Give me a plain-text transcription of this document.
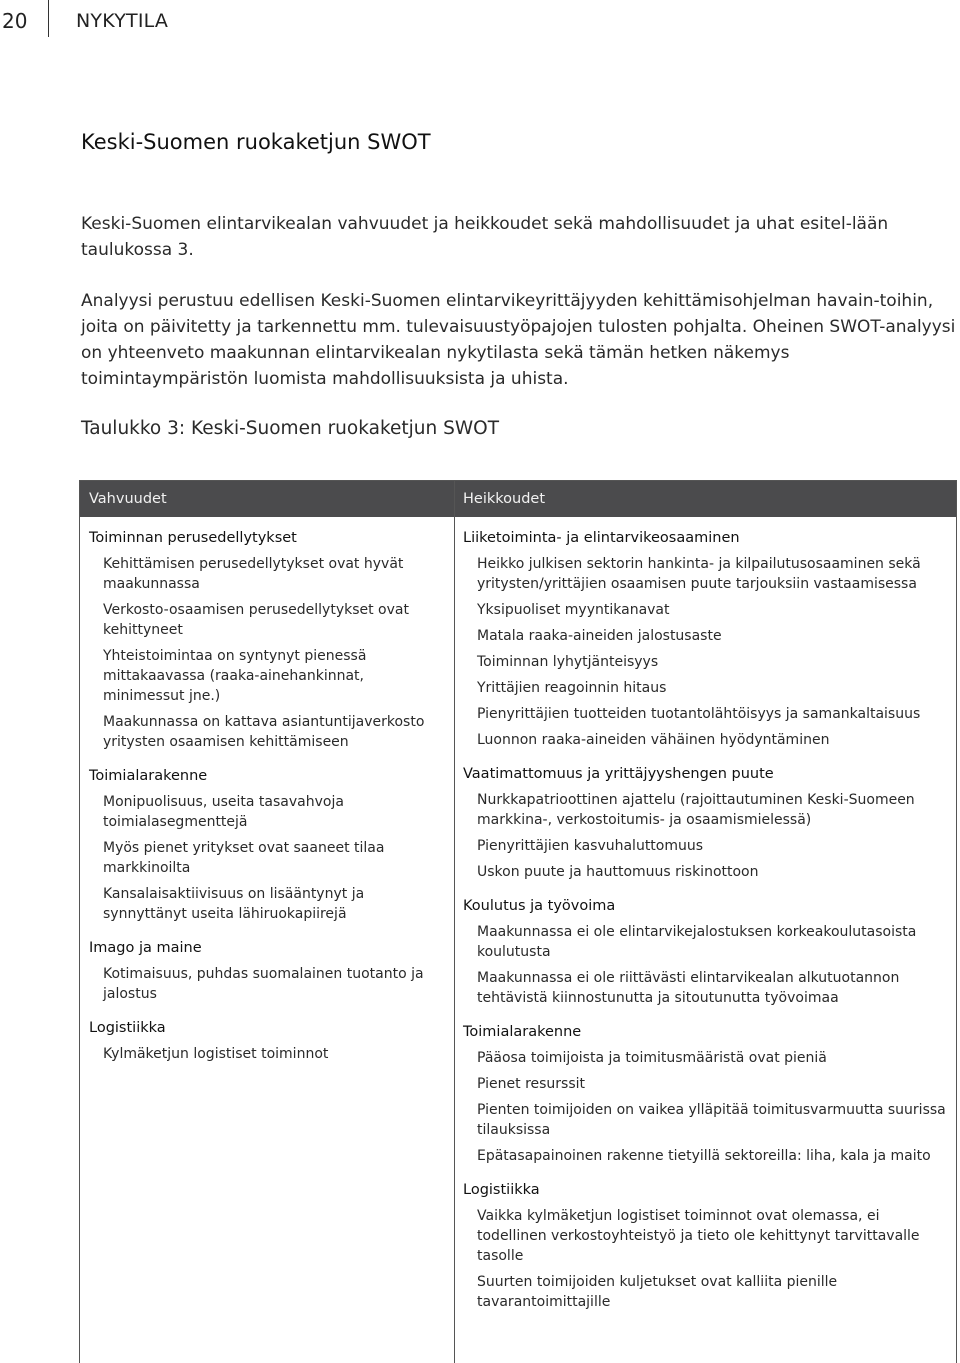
20	NYKYTILA
Keski-Suomen ruokaketjun SWOT

Keski-Suomen elintarvikealan vahvuudet ja heikkoudet sekä mahdollisuudet ja uhat esitel-lään taulukossa 3.

Analyysi perustuu edellisen Keski-Suomen elintarvikeyrittäjyyden kehittämisohjelman havain-toihin, joita on päivitetty ja tarkennettu mm. tulevaisuustyöpajojen tulosten pohjalta. Oheinen SWOT-analyysi on yhteenveto maakunnan elintarvikealan nykytilasta sekä tämän hetken näkemys toimintaympäristön luomista mahdollisuuksista ja uhista.

Taulukko 3: Keski-Suomen ruokaketjun SWOT
Vahvuudet	Heikkoudet
Toiminnan perusedellytykset
Kehittämisen perusedellytykset ovat hyvät maakunnassa
Verkosto-osaamisen perusedellytykset ovat kehittyneet
Yhteistoimintaa on syntynyt pienessä mittakaavassa (raaka-ainehankinnat, minimessut jne.)
Maakunnassa on kattava asiantuntijaverkosto yritysten osaamisen kehittämiseen
Toimialarakenne
Monipuolisuus, useita tasavahvoja toimialasegmenttejä
Myös pienet yritykset ovat saaneet tilaa markkinoilta
Kansalaisaktiivisuus on lisääntynyt ja synnyttänyt useita lähiruokapiirejä
Imago ja maine
Kotimaisuus, puhdas suomalainen tuotanto ja jalostus
Logistiikka
Kylmäketjun logistiset toiminnot
Liiketoiminta- ja elintarvikeosaaminen
Heikko julkisen sektorin hankinta- ja kilpailutusosaaminen sekä yritysten/yrittäjien osaamisen puute tarjouksiin vastaamisessa
Yksipuoliset myyntikanavat
Matala raaka-aineiden jalostusaste
Toiminnan lyhytjänteisyys
Yrittäjien reagoinnin hitaus
Pienyrittäjien tuotteiden tuotantolähtöisyys ja samankaltaisuus
Luonnon raaka-aineiden vähäinen hyödyntäminen
Vaatimattomuus ja yrittäjyyshengen puute
Nurkkapatrioottinen ajattelu (rajoittautuminen Keski-Suomeen markkina-, verkostoitumis- ja osaamismielessä)
Pienyrittäjien kasvuhaluttomuus
Uskon puute ja hauttomuus riskinottoon
Koulutus ja työvoima
Maakunnassa ei ole elintarvikejalostuksen korkeakoulutasoista koulutusta
Maakunnassa ei ole riittävästi elintarvikealan alkutuotannon tehtävistä kiinnostunutta ja sitoutunutta työvoimaa
Toimialarakenne
Pääosa toimijoista ja toimitusmääristä ovat pieniä
Pienet resurssit
Pienten toimijoiden on vaikea ylläpitää toimitusvarmuutta suurissa tilauksissa
Epätasapainoinen rakenne tietyillä sektoreilla: liha, kala ja maito
Logistiikka
Vaikka kylmäketjun logistiset toiminnot ovat olemassa, ei todellinen verkostoyhteistyö ja tieto ole kehittynyt tarvittavalle tasolle
Suurten toimijoiden kuljetukset ovat kalliita pienille tavarantoimittajille
